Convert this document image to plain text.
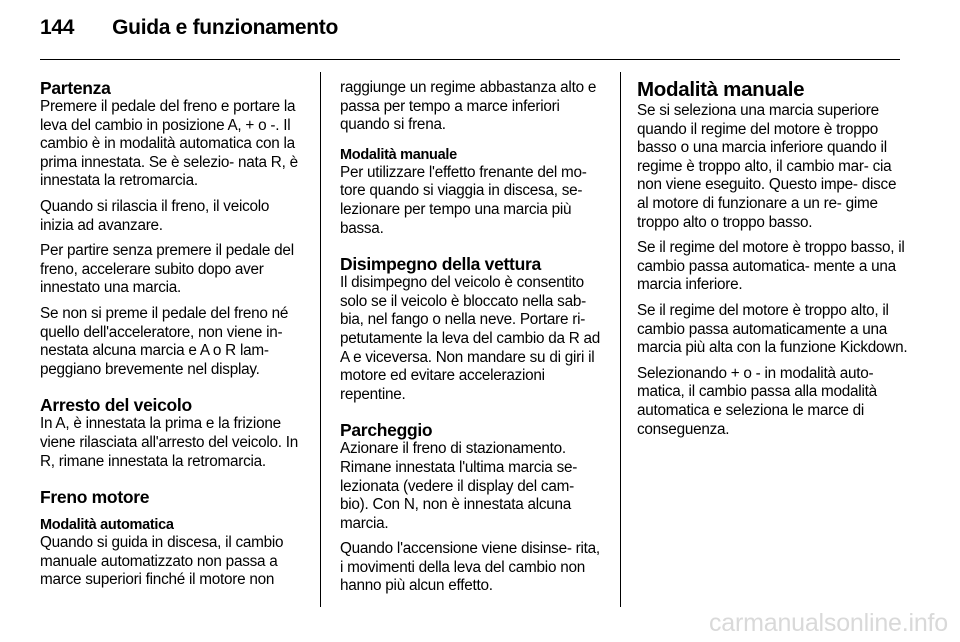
144 Guida e funzionamento
Partenza

Premere il pedale del freno e portare la leva del cambio in posizione A, + o -. Il cambio è in modalità automatica con la prima innestata. Se è selezio‐ nata R, è innestata la retromarcia.

Quando si rilascia il freno, il veicolo inizia ad avanzare.

Per partire senza premere il pedale del freno, accelerare subito dopo aver innestato una marcia.

Se non si preme il pedale del freno né quello dell'acceleratore, non viene in‐ nestata alcuna marcia e A o R lam‐ peggiano brevemente nel display.

Arresto del veicolo

In A, è innestata la prima e la frizione viene rilasciata all'arresto del veicolo. In R, rimane innestata la retromarcia.

Freno motore
Modalità automatica

Quando si guida in discesa, il cambio manuale automatizzato non passa a marce superiori finché il motore non

raggiunge un regime abbastanza alto e passa per tempo a marce inferiori quando si frena.

Modalità manuale

Per utilizzare l'effetto frenante del mo‐ tore quando si viaggia in discesa, se‐ lezionare per tempo una marcia più bassa.

Disimpegno della vettura

Il disimpegno del veicolo è consentito solo se il veicolo è bloccato nella sab‐ bia, nel fango o nella neve. Portare ri‐ petutamente la leva del cambio da R ad A e viceversa. Non mandare su di giri il motore ed evitare accelerazioni repentine.

Parcheggio

Azionare il freno di stazionamento. Rimane innestata l'ultima marcia se‐ lezionata (vedere il display del cam‐ bio). Con N, non è innestata alcuna marcia.

Quando l'accensione viene disinse‐ rita, i movimenti della leva del cambio non hanno più alcun effetto.

Modalità manuale

Se si seleziona una marcia superiore quando il regime del motore è troppo basso o una marcia inferiore quando il regime è troppo alto, il cambio mar‐ cia non viene eseguito. Questo impe‐ disce al motore di funzionare a un re‐ gime troppo alto o troppo basso.

Se il regime del motore è troppo basso, il cambio passa automatica‐ mente a una marcia inferiore.

Se il regime del motore è troppo alto, il cambio passa automaticamente a una marcia più alta con la funzione Kickdown.

Selezionando + o - in modalità auto‐ matica, il cambio passa alla modalità automatica e seleziona le marce di conseguenza.

carmanualsonline.info
